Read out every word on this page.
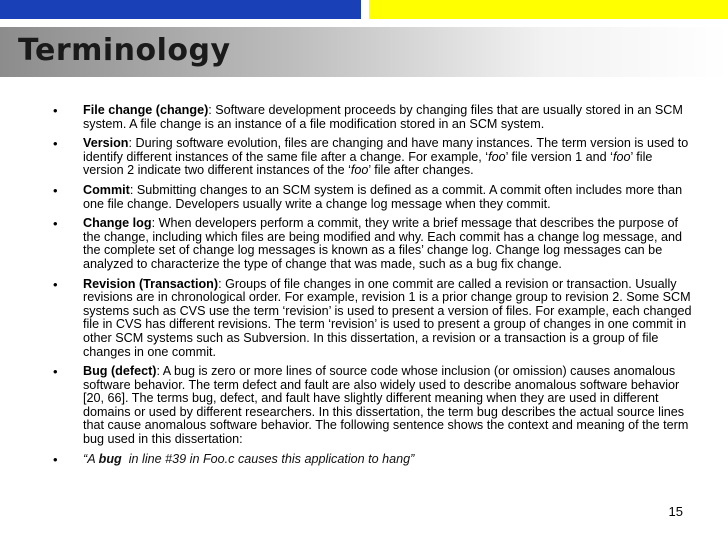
Terminology
• File change (change): Software development proceeds by changing files that are usually stored in an SCM system. A file change is an instance of a file modification stored in an SCM system.
• Version: During software evolution, files are changing and have many instances. The term version is used to identify different instances of the same file after a change. For example, ‘foo’ file version 1 and ‘foo’ file version 2 indicate two different instances of the ‘foo’ file after changes.
• Commit: Submitting changes to an SCM system is defined as a commit. A commit often includes more than one file change. Developers usually write a change log message when they commit.
• Change log: When developers perform a commit, they write a brief message that describes the purpose of the change, including which files are being modified and why. Each commit has a change log message, and the complete set of change log messages is known as a files’ change log. Change log messages can be analyzed to characterize the type of change that was made, such as a bug fix change.
• Revision (Transaction): Groups of file changes in one commit are called a revision or transaction. Usually revisions are in chronological order. For example, revision 1 is a prior change group to revision 2. Some SCM systems such as CVS use the term ‘revision’ is used to present a version of files. For example, each changed file in CVS has different revisions. The term ‘revision’ is used to present a group of changes in one commit in other SCM systems such as Subversion. In this dissertation, a revision or a transaction is a group of file changes in one commit.
• Bug (defect): A bug is zero or more lines of source code whose inclusion (or omission) causes anomalous software behavior. The term defect and fault are also widely used to describe anomalous software behavior [20, 66]. The terms bug, defect, and fault have slightly different meaning when they are used in different domains or used by different researchers. In this dissertation, the term bug describes the actual source lines that cause anomalous software behavior. The following sentence shows the context and meaning of the term bug used in this dissertation:
• “A bug  in line #39 in Foo.c causes this application to hang”
15
